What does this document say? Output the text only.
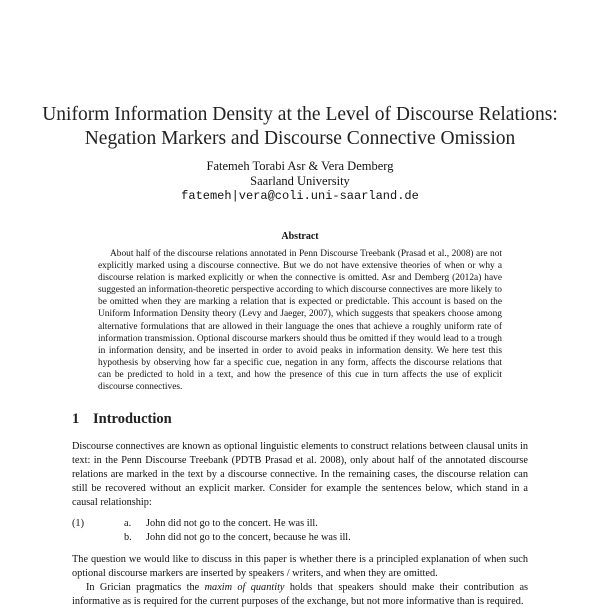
Uniform Information Density at the Level of Discourse Relations: Negation Markers and Discourse Connective Omission
Fatemeh Torabi Asr & Vera Demberg
Saarland University
fatemeh|vera@coli.uni-saarland.de
Abstract
About half of the discourse relations annotated in Penn Discourse Treebank (Prasad et al., 2008) are not explicitly marked using a discourse connective. But we do not have extensive theories of when or why a discourse relation is marked explicitly or when the connective is omitted. Asr and Demberg (2012a) have suggested an information-theoretic perspective according to which discourse connectives are more likely to be omitted when they are marking a relation that is expected or predictable. This account is based on the Uniform Information Density theory (Levy and Jaeger, 2007), which suggests that speakers choose among alternative formulations that are allowed in their language the ones that achieve a roughly uniform rate of information transmission. Optional discourse markers should thus be omitted if they would lead to a trough in information density, and be inserted in order to avoid peaks in information density. We here test this hypothesis by observing how far a specific cue, negation in any form, affects the discourse relations that can be predicted to hold in a text, and how the presence of this cue in turn affects the use of explicit discourse connectives.
1 Introduction
Discourse connectives are known as optional linguistic elements to construct relations between clausal units in text: in the Penn Discourse Treebank (PDTB Prasad et al. 2008), only about half of the annotated discourse relations are marked in the text by a discourse connective. In the remaining cases, the discourse relation can still be recovered without an explicit marker. Consider for example the sentences below, which stand in a causal relationship:
(1)	a. John did not go to the concert. He was ill.
b. John did not go to the concert, because he was ill.
The question we would like to discuss in this paper is whether there is a principled explanation of when such optional discourse markers are inserted by speakers / writers, and when they are omitted.
In Grician pragmatics the maxim of quantity holds that speakers should make their contribution as informative as is required for the current purposes of the exchange, but not more informative than is required.
